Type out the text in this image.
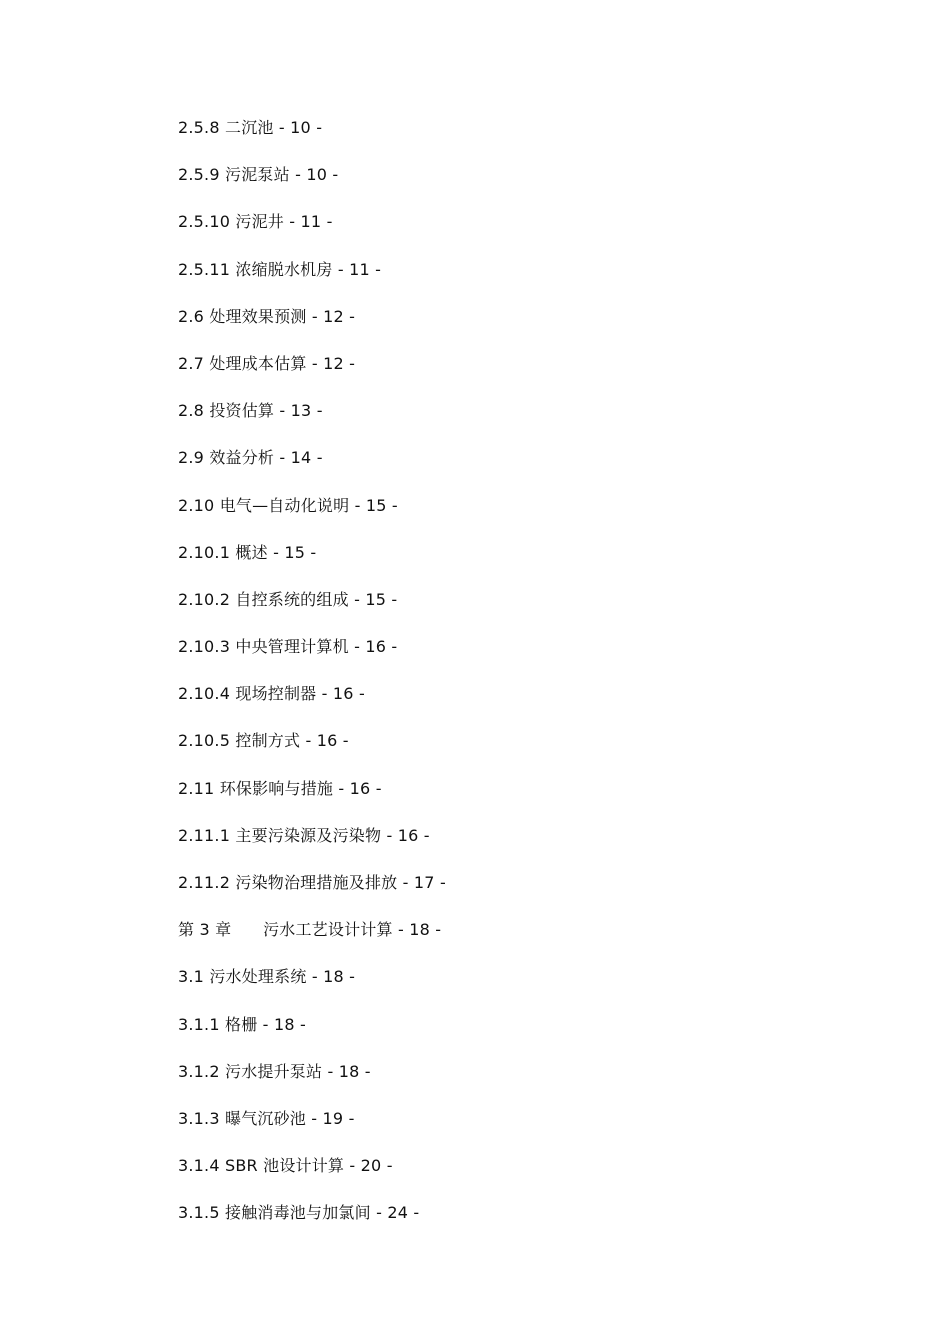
2.5.8 二沉池 - 10 -
2.5.9 污泥泵站 - 10 -
2.5.10 污泥井 - 11 -
2.5.11 浓缩脱水机房 - 11 -
2.6 处理效果预测 - 12 -
2.7 处理成本估算 - 12 -
2.8 投资估算 - 13 -
2.9 效益分析 - 14 -
2.10 电气—自动化说明 - 15 -
2.10.1 概述 - 15 -
2.10.2 自控系统的组成 - 15 -
2.10.3 中央管理计算机 - 16 -
2.10.4 现场控制器 - 16 -
2.10.5 控制方式 - 16 -
2.11 环保影响与措施 - 16 -
2.11.1 主要污染源及污染物 - 16 -
2.11.2 污染物治理措施及排放 - 17 -
第 3 章      污水工艺设计计算 - 18 -
3.1 污水处理系统 - 18 -
3.1.1 格栅 - 18 -
3.1.2 污水提升泵站 - 18 -
3.1.3 曝气沉砂池 - 19 -
3.1.4 SBR 池设计计算 - 20 -
3.1.5 接触消毒池与加氯间 - 24 -
